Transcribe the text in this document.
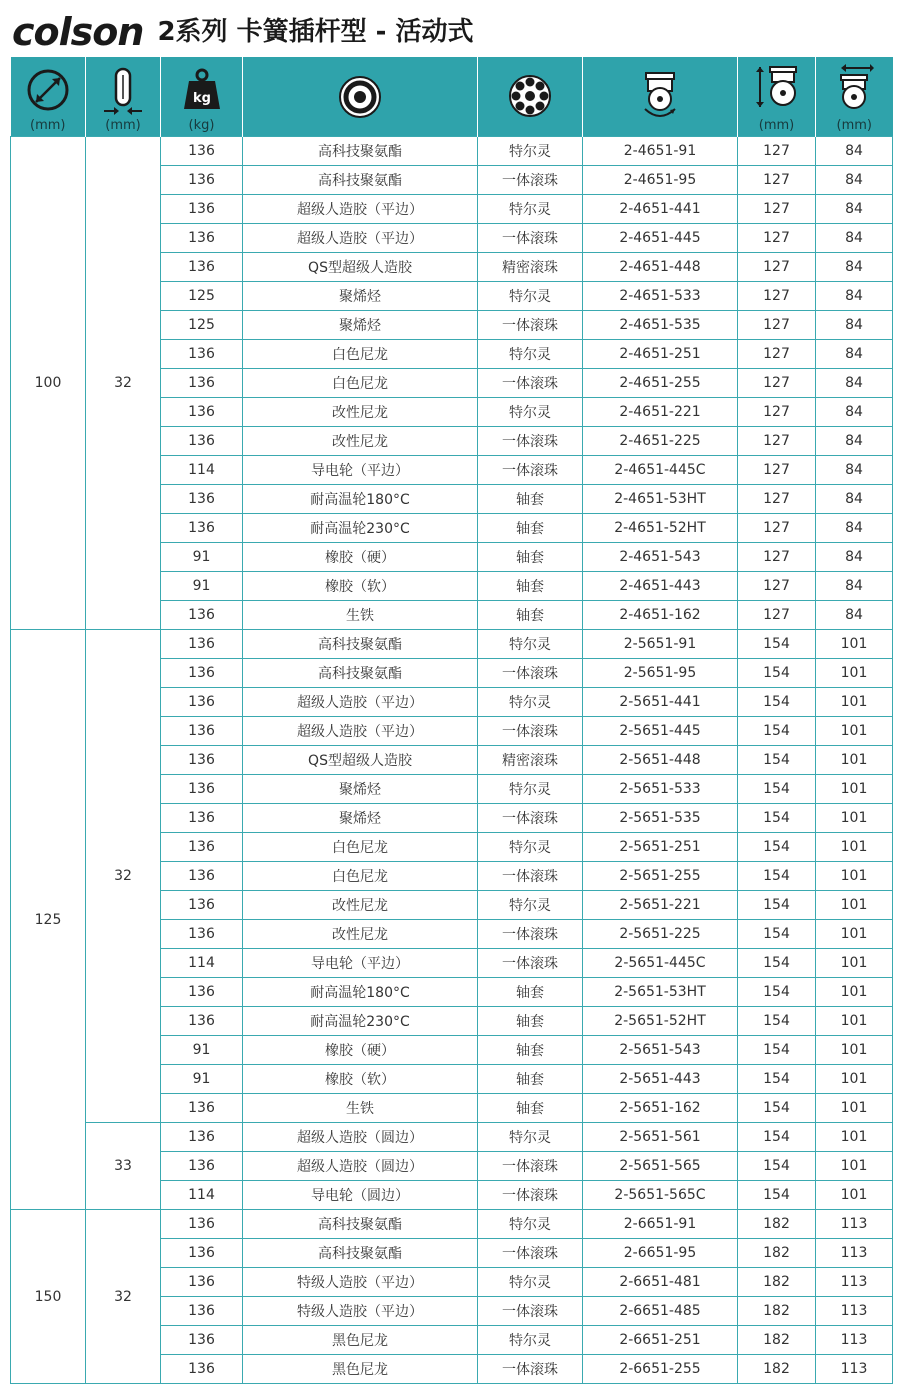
colson 2系列 卡簧插杆型 - 活动式
(mm)	(mm)	kg
(kg)				(mm)	(mm)

100	32	136	高科技聚氨酯	特尔灵	2-4651-91	127	84
		136	高科技聚氨酯	一体滚珠	2-4651-95	127	84
		136	超级人造胶（平边）	特尔灵	2-4651-441	127	84
		136	超级人造胶（平边）	一体滚珠	2-4651-445	127	84
		136	QS型超级人造胶	精密滚珠	2-4651-448	127	84
		125	聚烯烃	特尔灵	2-4651-533	127	84
		125	聚烯烃	一体滚珠	2-4651-535	127	84
		136	白色尼龙	特尔灵	2-4651-251	127	84
		136	白色尼龙	一体滚珠	2-4651-255	127	84
		136	改性尼龙	特尔灵	2-4651-221	127	84
		136	改性尼龙	一体滚珠	2-4651-225	127	84
		114	导电轮（平边）	一体滚珠	2-4651-445C	127	84
		136	耐高温轮180°C	轴套	2-4651-53HT	127	84
		136	耐高温轮230°C	轴套	2-4651-52HT	127	84
		91	橡胶（硬）	轴套	2-4651-543	127	84
		91	橡胶（软）	轴套	2-4651-443	127	84
		136	生铁	轴套	2-4651-162	127	84
125	32	136	高科技聚氨酯	特尔灵	2-5651-91	154	101
		136	高科技聚氨酯	一体滚珠	2-5651-95	154	101
		136	超级人造胶（平边）	特尔灵	2-5651-441	154	101
		136	超级人造胶（平边）	一体滚珠	2-5651-445	154	101
		136	QS型超级人造胶	精密滚珠	2-5651-448	154	101
		136	聚烯烃	特尔灵	2-5651-533	154	101
		136	聚烯烃	一体滚珠	2-5651-535	154	101
		136	白色尼龙	特尔灵	2-5651-251	154	101
		136	白色尼龙	一体滚珠	2-5651-255	154	101
		136	改性尼龙	特尔灵	2-5651-221	154	101
		136	改性尼龙	一体滚珠	2-5651-225	154	101
		114	导电轮（平边）	一体滚珠	2-5651-445C	154	101
		136	耐高温轮180°C	轴套	2-5651-53HT	154	101
		136	耐高温轮230°C	轴套	2-5651-52HT	154	101
		91	橡胶（硬）	轴套	2-5651-543	154	101
		91	橡胶（软）	轴套	2-5651-443	154	101
		136	生铁	轴套	2-5651-162	154	101
	33	136	超级人造胶（圆边）	特尔灵	2-5651-561	154	101
		136	超级人造胶（圆边）	一体滚珠	2-5651-565	154	101
		114	导电轮（圆边）	一体滚珠	2-5651-565C	154	101
150	32	136	高科技聚氨酯	特尔灵	2-6651-91	182	113
		136	高科技聚氨酯	一体滚珠	2-6651-95	182	113
		136	特级人造胶（平边）	特尔灵	2-6651-481	182	113
		136	特级人造胶（平边）	一体滚珠	2-6651-485	182	113
		136	黑色尼龙	特尔灵	2-6651-251	182	113
		136	黑色尼龙	一体滚珠	2-6651-255	182	113
